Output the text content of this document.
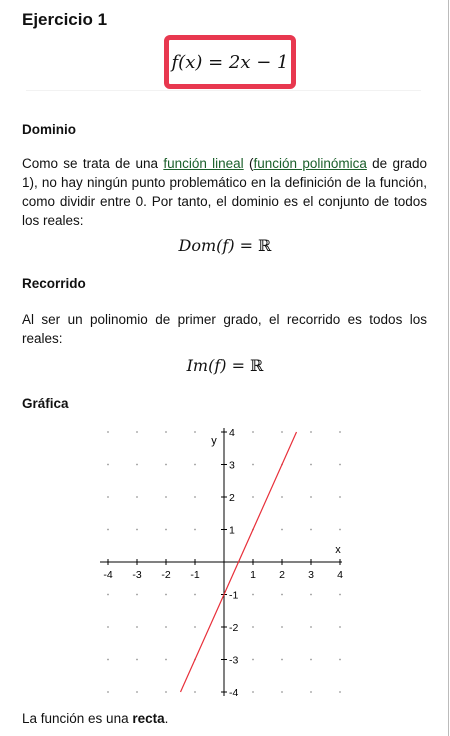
Ejercicio 1
f(x) = 2x − 1
Dominio
Como se trata de una función lineal (función polinómica de grado 1), no hay ningún punto problemático en la definición de la función, como dividir entre 0. Por tanto, el dominio es el conjunto de todos los reales:
Dom(f) = ℝ
Recorrido
Al ser un polinomio de primer grado, el recorrido es todos los reales:
Im(f) = ℝ
Gráfica
-4
-4
-3
-3
-2
-2
-1
-1
1
1
2
2
3
3
4
4
x
y
La función es una recta.
